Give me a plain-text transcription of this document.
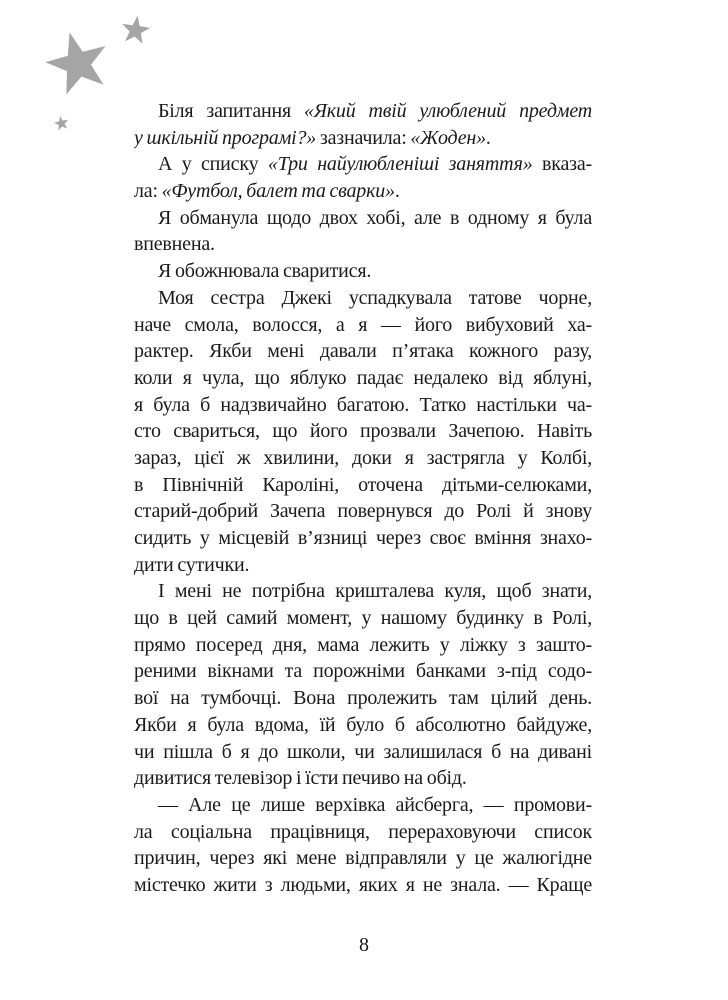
Біля запитання «Який твій улюблений предмет
у шкільній програмі?» зазначила: «Жоден».
А у списку «Три найулюбленіші заняття» вказа-
ла: «Футбол, балет та сварки».
Я обманула щодо двох хобі, але в одному я була
впевнена.
Я обожнювала сваритися.
Моя сестра Джекі успадкувала татове чорне,
наче смола, волосся, а я — його вибуховий ха-
рактер. Якби мені давали п’ятака кожного разу,
коли я чула, що яблуко падає недалеко від яблуні,
я була б надзвичайно багатою. Татко настільки ча-
сто свариться, що його прозвали Зачепою. Навіть
зараз, цієї ж хвилини, доки я застрягла у Колбі,
в Північній Кароліні, оточена дітьми-селюками,
старий-добрий Зачепа повернувся до Ролі й знову
сидить у місцевій в’язниці через своє вміння знахо-
дити сутички.
І мені не потрібна кришталева куля, щоб знати,
що в цей самий момент, у нашому будинку в Ролі,
прямо посеред дня, мама лежить у ліжку з зашто-
реними вікнами та порожніми банками з-під содо-
вої на тумбочці. Вона пролежить там цілий день.
Якби я була вдома, їй було б абсолютно байдуже,
чи пішла б я до школи, чи залишилася б на дивані
дивитися телевізор і їсти печиво на обід.
— Але це лише верхівка айсберга, — промови-
ла соціальна працівниця, перераховуючи список
причин, через які мене відправляли у це жалюгідне
містечко жити з людьми, яких я не знала. — Краще
8
